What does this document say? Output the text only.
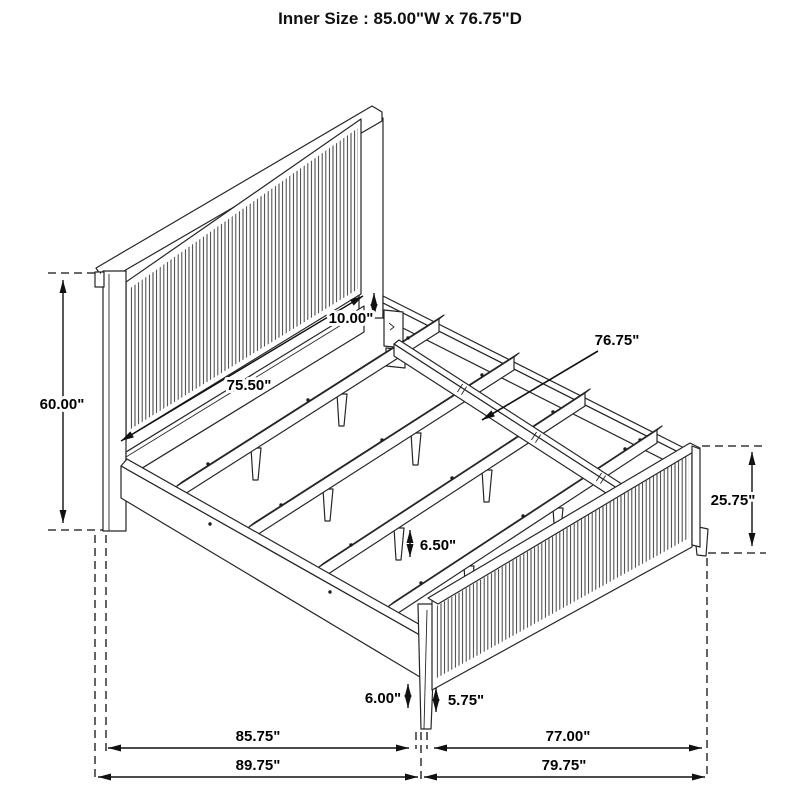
60.00"
75.50"
10.00"
76.75"
25.75"
6.50"
6.00"	5.75"
85.75"	77.00"
89.75"	79.75"
Inner Size : 85.00"W x 76.75"D
